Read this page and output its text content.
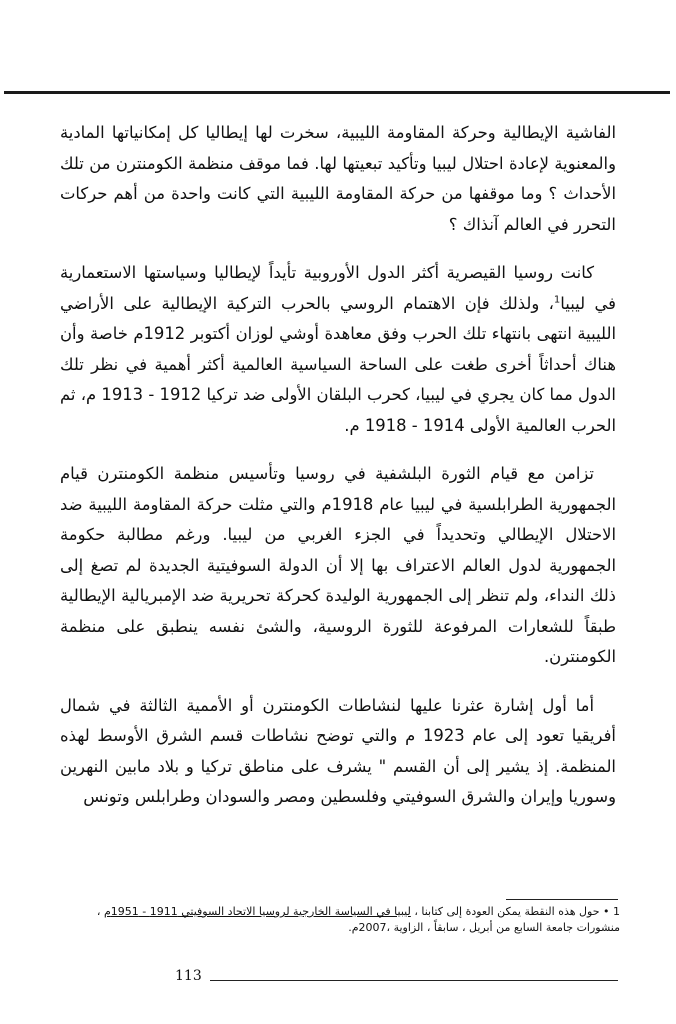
الفاشية الإيطالية وحركة المقاومة الليبية، سخرت لها إيطاليا كل إمكانياتها المادية والمعنوية لإعادة احتلال ليبيا وتأكيد تبعيتها لها. فما موقف منظمة الكومنترن من تلك الأحداث ؟ وما موقفها من حركة المقاومة الليبية التي كانت واحدة من أهم حركات التحرر في العالم آنذاك ؟

كانت روسيا القيصرية أكثر الدول الأوروبية تأيداً لإيطاليا وسياستها الاستعمارية في ليبيا$^1$، ولذلك فإن الاهتمام الروسي بالحرب التركية الإيطالية على الأراضي الليبية انتهى بانتهاء تلك الحرب وفق معاهدة أوشي لوزان أكتوبر 1912م خاصة وأن هناك أحداثاً أخرى طغت على الساحة السياسية العالمية أكثر أهمية في نظر تلك الدول مما كان يجري في ليبيا، كحرب البلقان الأولى ضد تركيا 1912 - 1913 م، ثم الحرب العالمية الأولى 1914 - 1918 م.

تزامن مع قيام الثورة البلشفية في روسيا وتأسيس منظمة الكومنترن قيام الجمهورية الطرابلسية في ليبيا عام 1918م والتي مثلت حركة المقاومة الليبية ضد الاحتلال الإيطالي وتحديداً في الجزء الغربي من ليبيا. ورغم مطالبة حكومة الجمهورية لدول العالم الاعتراف بها إلا أن الدولة السوفيتية الجديدة لم تصغ إلى ذلك النداء، ولم تنظر إلى الجمهورية الوليدة كحركة تحريرية ضد الإمبريالية الإيطالية طبقاً للشعارات المرفوعة للثورة الروسية، والشئ نفسه ينطبق على منظمة الكومنترن.

أما أول إشارة عثرنا عليها لنشاطات الكومنترن أو الأممية الثالثة في شمال أفريقيا تعود إلى عام 1923 م والتي توضح نشاطات قسم الشرق الأوسط لهذه المنظمة. إذ يشير إلى أن القسم " يشرف على مناطق تركيا و بلاد مابين النهرين وسوريا وإيران والشرق السوفيتي وفلسطين ومصر والسودان وطرابلس وتونس

1 • حول هذه النقطة يمكن العودة إلى كتابنا ، ليبيا في السياسة الخارجية لروسيا الاتحاد السوفيتي 1911 - 1951م ، منشورات جامعة السابع من أبريل ، سابقاً ، الزاوية ،2007م.
113
